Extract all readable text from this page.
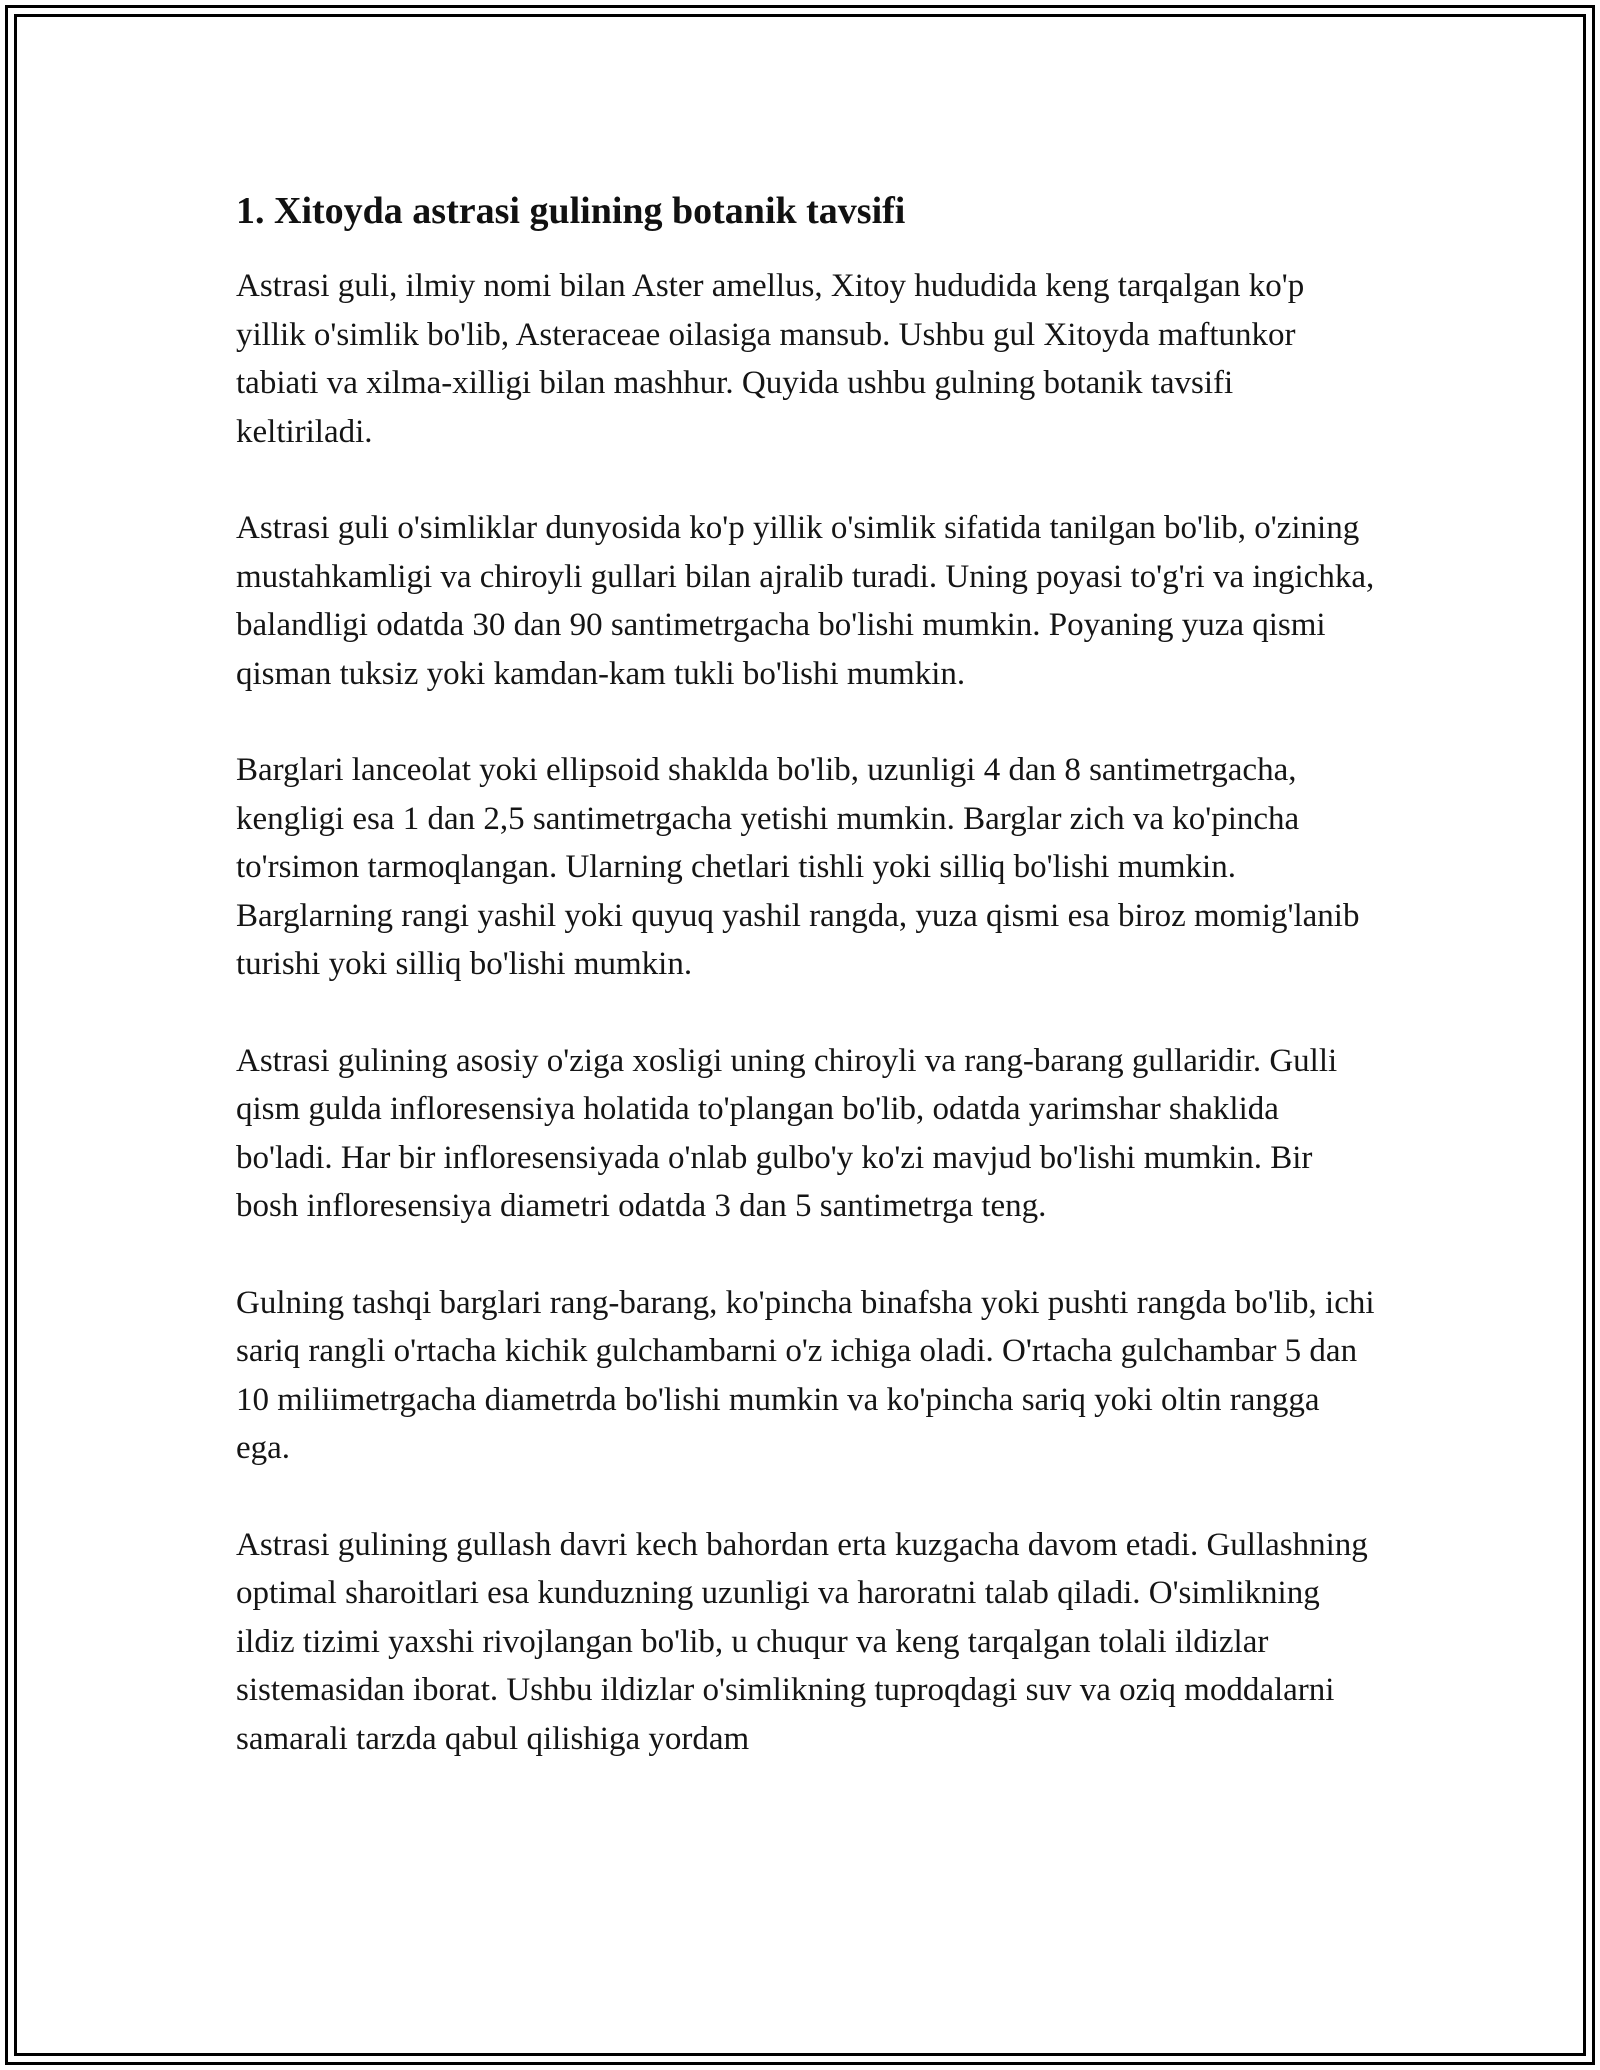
1. Xitoyda astrasi gulining botanik tavsifi

Astrasi guli, ilmiy nomi bilan Aster amellus, Xitoy hududida keng tarqalgan ko'p yillik o'simlik bo'lib, Asteraceae oilasiga mansub. Ushbu gul Xitoyda maftunkor tabiati va xilma-xilligi bilan mashhur. Quyida ushbu gulning botanik tavsifi keltiriladi.

Astrasi guli o'simliklar dunyosida ko'p yillik o'simlik sifatida tanilgan bo'lib, o'zining mustahkamligi va chiroyli gullari bilan ajralib turadi. Uning poyasi to'g'ri va ingichka, balandligi odatda 30 dan 90 santimetrgacha bo'lishi mumkin. Poyaning yuza qismi qisman tuksiz yoki kamdan-kam tukli bo'lishi mumkin.

Barglari lanceolat yoki ellipsoid shakldа bo'lib, uzunligi 4 dan 8 santimetrgacha, kengligi esa 1 dan 2,5 santimetrgacha yetishi mumkin. Barglar zich va ko'pincha to'rsimon tarmoqlangan. Ularning chetlari tishli yoki silliq bo'lishi mumkin. Barglarning rangi yashil yoki quyuq yashil rangda, yuza qismi esa biroz momig'lanib turishi yoki silliq bo'lishi mumkin.

Astrasi gulining asosiy o'ziga xosligi uning chiroyli va rang-barang gullaridir. Gulli qism gulda infloresensiya holatida to'plangan bo'lib, odatda yarimshar shaklida bo'ladi. Har bir infloresensiyada o'nlab gulbo'y ko'zi mavjud bo'lishi mumkin. Bir bosh infloresensiya diametri odatda 3 dan 5 santimetrga teng.

Gulning tashqi barglari rang-barang, ko'pincha binafsha yoki pushti rangda bo'lib, ichi sariq rangli o'rtacha kichik gulchambarni o'z ichiga oladi. O'rtacha gulchambar 5 dan 10 miliimetrgacha diametrda bo'lishi mumkin va ko'pincha sariq yoki oltin rangga ega.

Astrasi gulining gullash davri kech bahordan erta kuzgacha davom etadi. Gullashning optimal sharoitlari esa kunduzning uzunligi va haroratni talab qiladi. O'simlikning ildiz tizimi yaxshi rivojlangan bo'lib, u chuqur va keng tarqalgan tolali ildizlar sistemasidan iborat. Ushbu ildizlar o'simlikning tuproqdagi suv va oziq moddalarni samarali tarzda qabul qilishiga yordam
